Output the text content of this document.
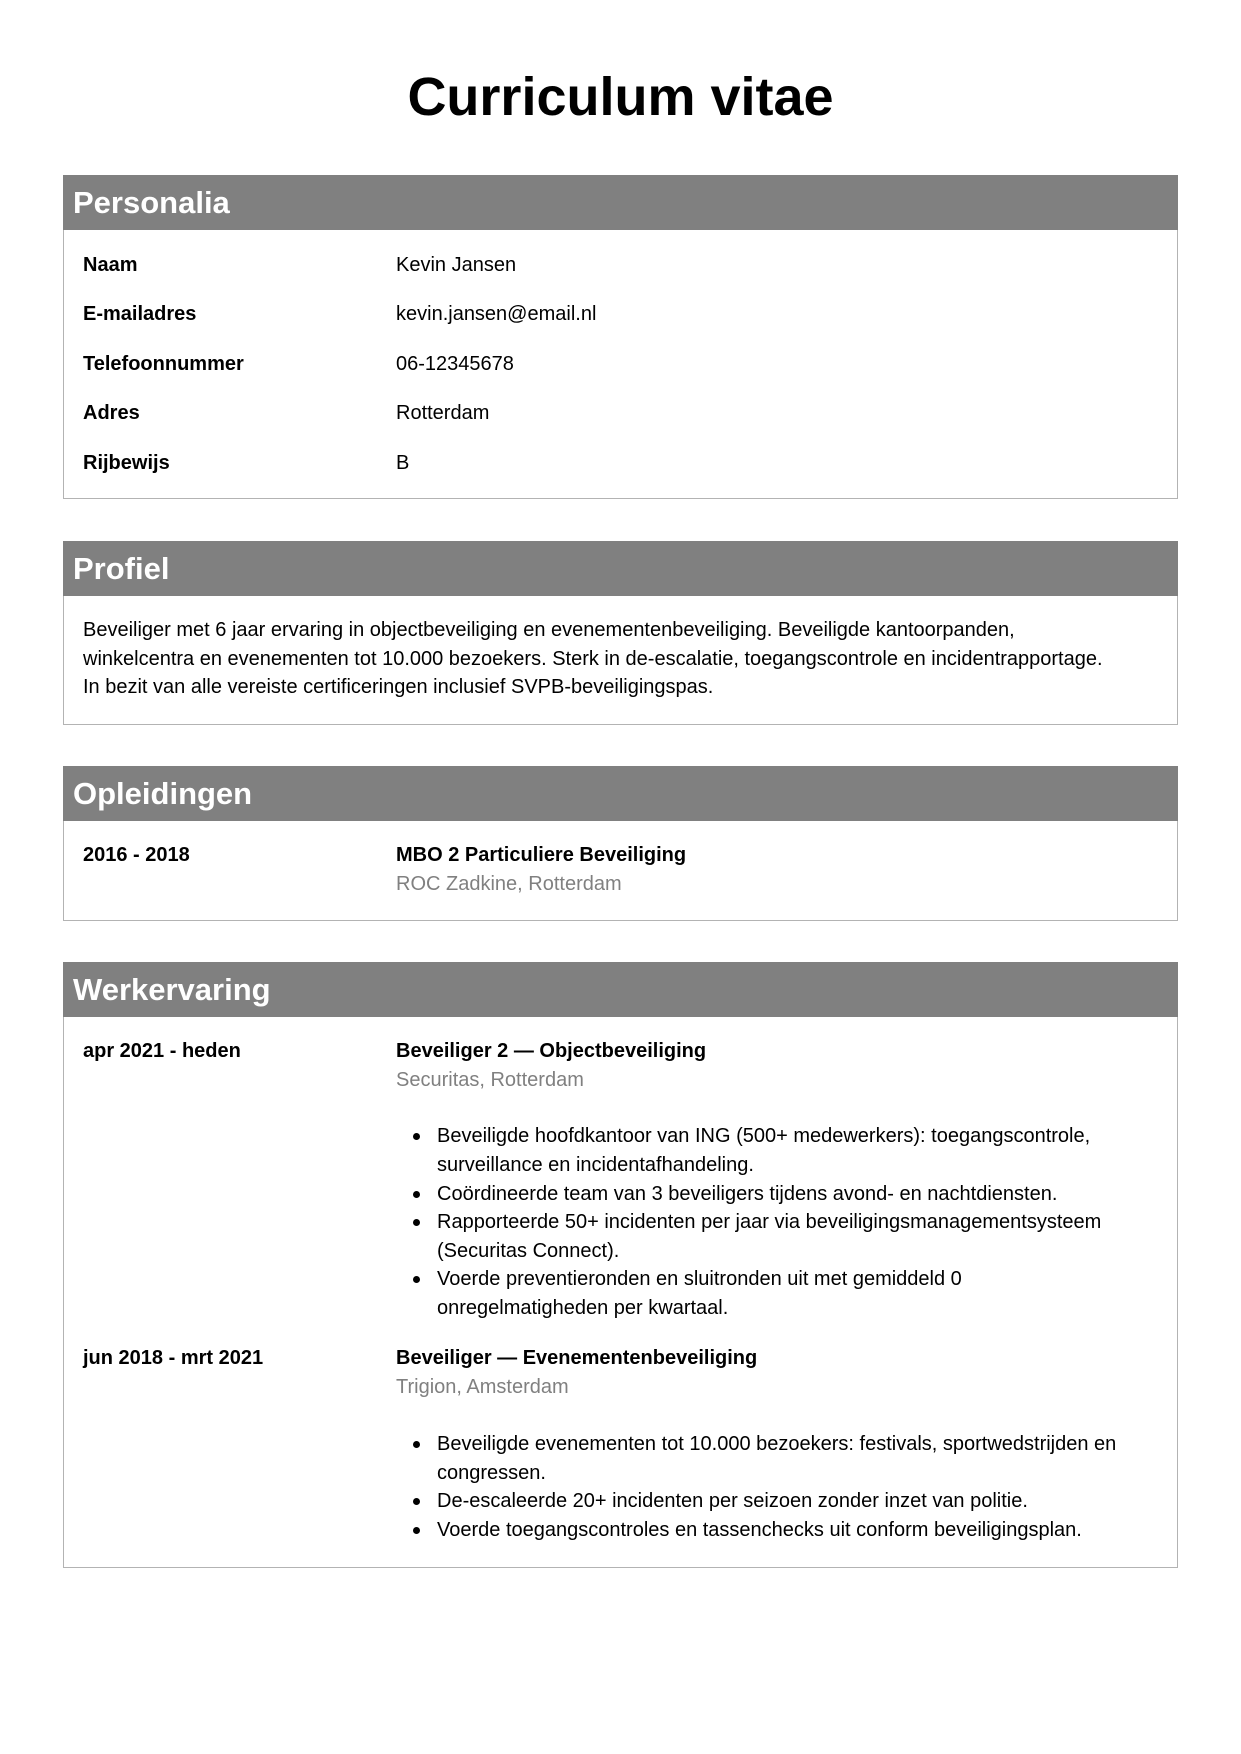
Curriculum vitae
Personalia
Naam	Kevin Jansen
E-mailadres	kevin.jansen@email.nl
Telefoonnummer	06-12345678
Adres	Rotterdam
Rijbewijs	B
Profiel
Beveiliger met 6 jaar ervaring in objectbeveiliging en evenementenbeveiliging. Beveiligde kantoorpanden,
winkelcentra en evenementen tot 10.000 bezoekers. Sterk in de-escalatie, toegangscontrole en incidentrapportage.
In bezit van alle vereiste certificeringen inclusief SVPB-beveiligingspas.
Opleidingen
2016 - 2018	MBO 2 Particuliere Beveiliging
ROC Zadkine, Rotterdam
Werkervaring
apr 2021 - heden	Beveiliger 2 — Objectbeveiliging
Securitas, Rotterdam
Beveiligde hoofdkantoor van ING (500+ medewerkers): toegangscontrole,
surveillance en incidentafhandeling.
Coördineerde team van 3 beveiligers tijdens avond- en nachtdiensten.
Rapporteerde 50+ incidenten per jaar via beveiligingsmanagementsysteem
(Securitas Connect).
Voerde preventieronden en sluitronden uit met gemiddeld 0
onregelmatigheden per kwartaal.
jun 2018 - mrt 2021	Beveiliger — Evenementenbeveiliging
Trigion, Amsterdam
Beveiligde evenementen tot 10.000 bezoekers: festivals, sportwedstrijden en
congressen.
De-escaleerde 20+ incidenten per seizoen zonder inzet van politie.
Voerde toegangscontroles en tassenchecks uit conform beveiligingsplan.
